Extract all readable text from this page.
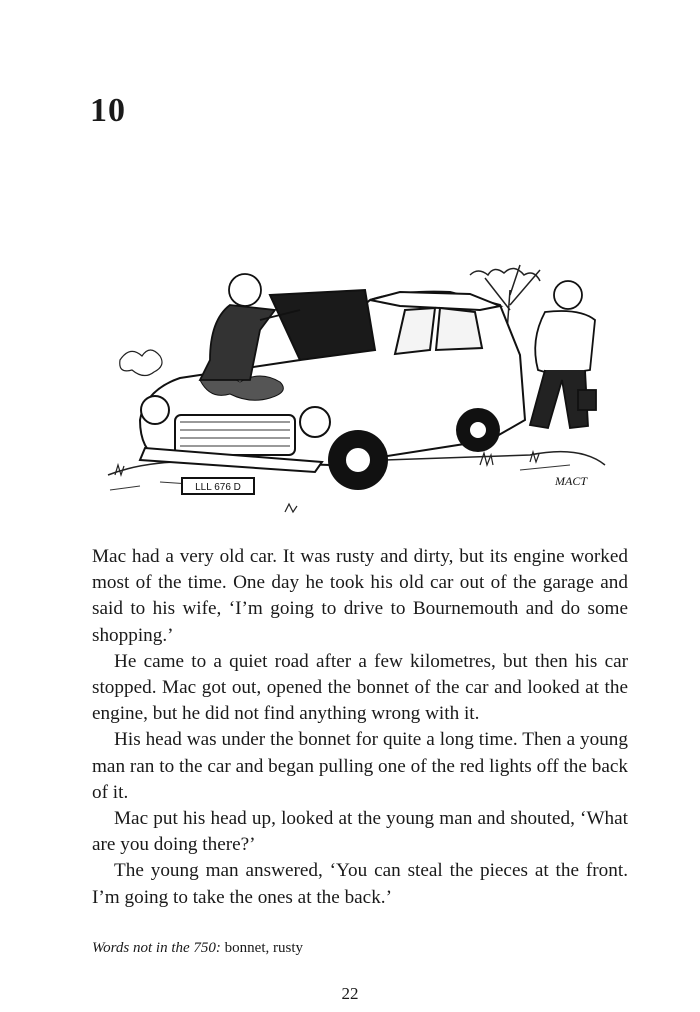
10
LLL 676 D	MACT

Mac had a very old car. It was rusty and dirty, but its engine worked most of the time. One day he took his old car out of the garage and said to his wife, ‘I’m going to drive to Bournemouth and do some shopping.’

He came to a quiet road after a few kilometres, but then his car stopped. Mac got out, opened the bonnet of the car and looked at the engine, but he did not find anything wrong with it.

His head was under the bonnet for quite a long time. Then a young man ran to the car and began pulling one of the red lights off the back of it.

Mac put his head up, looked at the young man and shouted, ‘What are you doing there?’

The young man answered, ‘You can steal the pieces at the front. I’m going to take the ones at the back.’

Words not in the 750: bonnet, rusty
22
